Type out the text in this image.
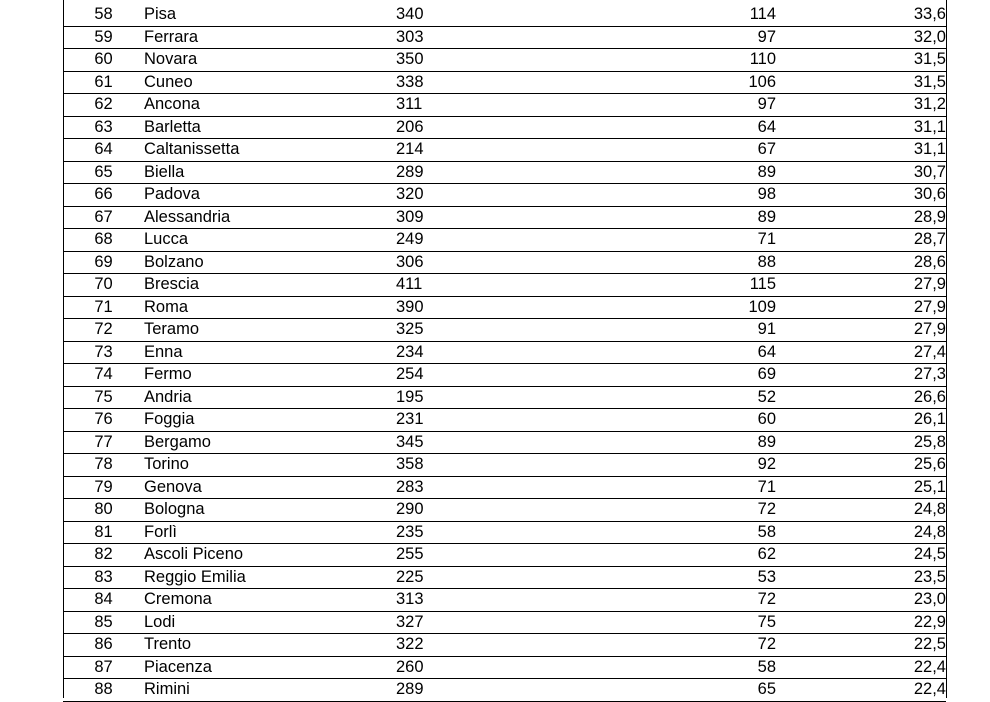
58	Pisa	340	114	33,6
59	Ferrara	303	97	32,0
60	Novara	350	110	31,5
61	Cuneo	338	106	31,5
62	Ancona	311	97	31,2
63	Barletta	206	64	31,1
64	Caltanissetta	214	67	31,1
65	Biella	289	89	30,7
66	Padova	320	98	30,6
67	Alessandria	309	89	28,9
68	Lucca	249	71	28,7
69	Bolzano	306	88	28,6
70	Brescia	411	115	27,9
71	Roma	390	109	27,9
72	Teramo	325	91	27,9
73	Enna	234	64	27,4
74	Fermo	254	69	27,3
75	Andria	195	52	26,6
76	Foggia	231	60	26,1
77	Bergamo	345	89	25,8
78	Torino	358	92	25,6
79	Genova	283	71	25,1
80	Bologna	290	72	24,8
81	Forlì	235	58	24,8
82	Ascoli Piceno	255	62	24,5
83	Reggio Emilia	225	53	23,5
84	Cremona	313	72	23,0
85	Lodi	327	75	22,9
86	Trento	322	72	22,5
87	Piacenza	260	58	22,4
88	Rimini	289	65	22,4
